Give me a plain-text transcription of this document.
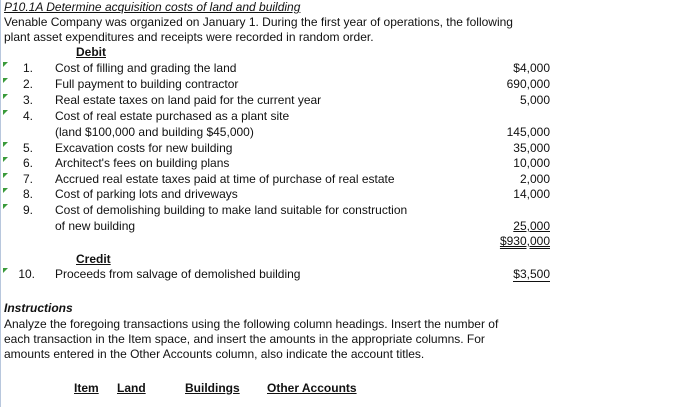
P10.1A Determine acquisition costs of land and building
Venable Company was organized on January 1. During the first year of operations, the following
plant asset expenditures and receipts were recorded in random order.
Debit
1. Cost of filling and grading the land	$4,000
2. Full payment to building contractor	690,000
3. Real estate taxes on land paid for the current year	5,000
4. Cost of real estate purchased as a plant site
(land $100,000 and building $45,000)	145,000
5. Excavation costs for new building	35,000
6. Architect's fees on building plans	10,000
7. Accrued real estate taxes paid at time of purchase of real estate	2,000
8. Cost of parking lots and driveways	14,000
9. Cost of demolishing building to make land suitable for construction
of new building	25,000
$930,000
Credit
10. Proceeds from salvage of demolished building	$3,500
Instructions
Analyze the foregoing transactions using the following column headings. Insert the number of
each transaction in the Item space, and insert the amounts in the appropriate columns. For
amounts entered in the Other Accounts column, also indicate the account titles.
Item Land	Buildings Other Accounts
